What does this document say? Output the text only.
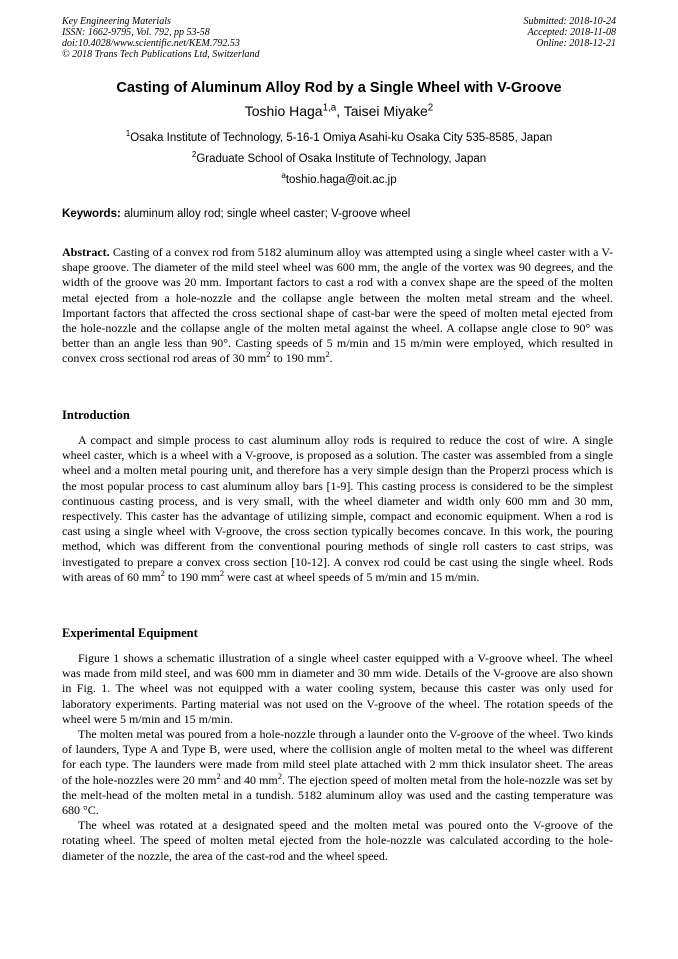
Key Engineering Materials
ISSN: 1662-9795, Vol. 792, pp 53-58
doi:10.4028/www.scientific.net/KEM.792.53
© 2018 Trans Tech Publications Ltd, Switzerland
Submitted: 2018-10-24
Accepted: 2018-11-08
Online: 2018-12-21
Casting of Aluminum Alloy Rod by a Single Wheel with V-Groove
Toshio Haga$^{1,a}$, Taisei Miyake$^2$
$^1$Osaka Institute of Technology, 5-16-1 Omiya Asahi-ku Osaka City 535-8585, Japan
$^2$Graduate School of Osaka Institute of Technology, Japan
$^a$toshio.haga@oit.ac.jp
Keywords: aluminum alloy rod; single wheel caster; V-groove wheel
Abstract. Casting of a convex rod from 5182 aluminum alloy was attempted using a single wheel caster with a V-shape groove. The diameter of the mild steel wheel was 600 mm, the angle of the vortex was 90 degrees, and the width of the groove was 20 mm. Important factors to cast a rod with a convex shape are the speed of the molten metal ejected from a hole-nozzle and the collapse angle between the molten metal stream and the wheel. Important factors that affected the cross sectional shape of cast-bar were the speed of molten metal ejected from the hole-nozzle and the collapse angle of the molten metal against the wheel. A collapse angle close to 90° was better than an angle less than 90°. Casting speeds of 5 m/min and 15 m/min were employed, which resulted in convex cross sectional rod areas of 30 $mm^2$ to 190 $mm^2$.
Introduction

A compact and simple process to cast aluminum alloy rods is required to reduce the cost of wire. A single wheel caster, which is a wheel with a V-groove, is proposed as a solution. The caster was assembled from a single wheel and a molten metal pouring unit, and therefore has a very simple design than the Properzi process which is the most popular process to cast aluminum alloy bars [1-9]. This casting process is considered to be the simplest continuous casting process, and is very small, with the wheel diameter and width only 600 mm and 30 mm, respectively. This caster has the advantage of utilizing simple, compact and economic equipment. When a rod is cast using a single wheel with V-groove, the cross section typically becomes concave. In this work, the pouring method, which was different from the conventional pouring methods of single roll casters to cast strips, was investigated to prepare a convex cross section [10-12]. A convex rod could be cast using the single wheel. Rods with areas of 60 $mm^2$ to 190 $mm^2$ were cast at wheel speeds of 5 m/min and 15 m/min.

Experimental Equipment

Figure 1 shows a schematic illustration of a single wheel caster equipped with a V-groove wheel. The wheel was made from mild steel, and was 600 mm in diameter and 30 mm wide. Details of the V-groove are also shown in Fig. 1. The wheel was not equipped with a water cooling system, because this caster was only used for laboratory experiments. Parting material was not used on the V-groove of the wheel. The rotation speeds of the wheel were 5 m/min and 15 m/min.

The molten metal was poured from a hole-nozzle through a launder onto the V-groove of the wheel. Two kinds of launders, Type A and Type B, were used, where the collision angle of molten metal to the wheel was different for each type. The launders were made from mild steel plate attached with 2 mm thick insulator sheet. The areas of the hole-nozzles were 20 $mm^2$ and 40 $mm^2$. The ejection speed of molten metal from the hole-nozzle was set by the melt-head of the molten metal in a tundish. 5182 aluminum alloy was used and the casting temperature was 680 °C.

The wheel was rotated at a designated speed and the molten metal was poured onto the V-groove of the rotating wheel. The speed of molten metal ejected from the hole-nozzle was calculated according to the hole-diameter of the nozzle, the area of the cast-rod and the wheel speed.
